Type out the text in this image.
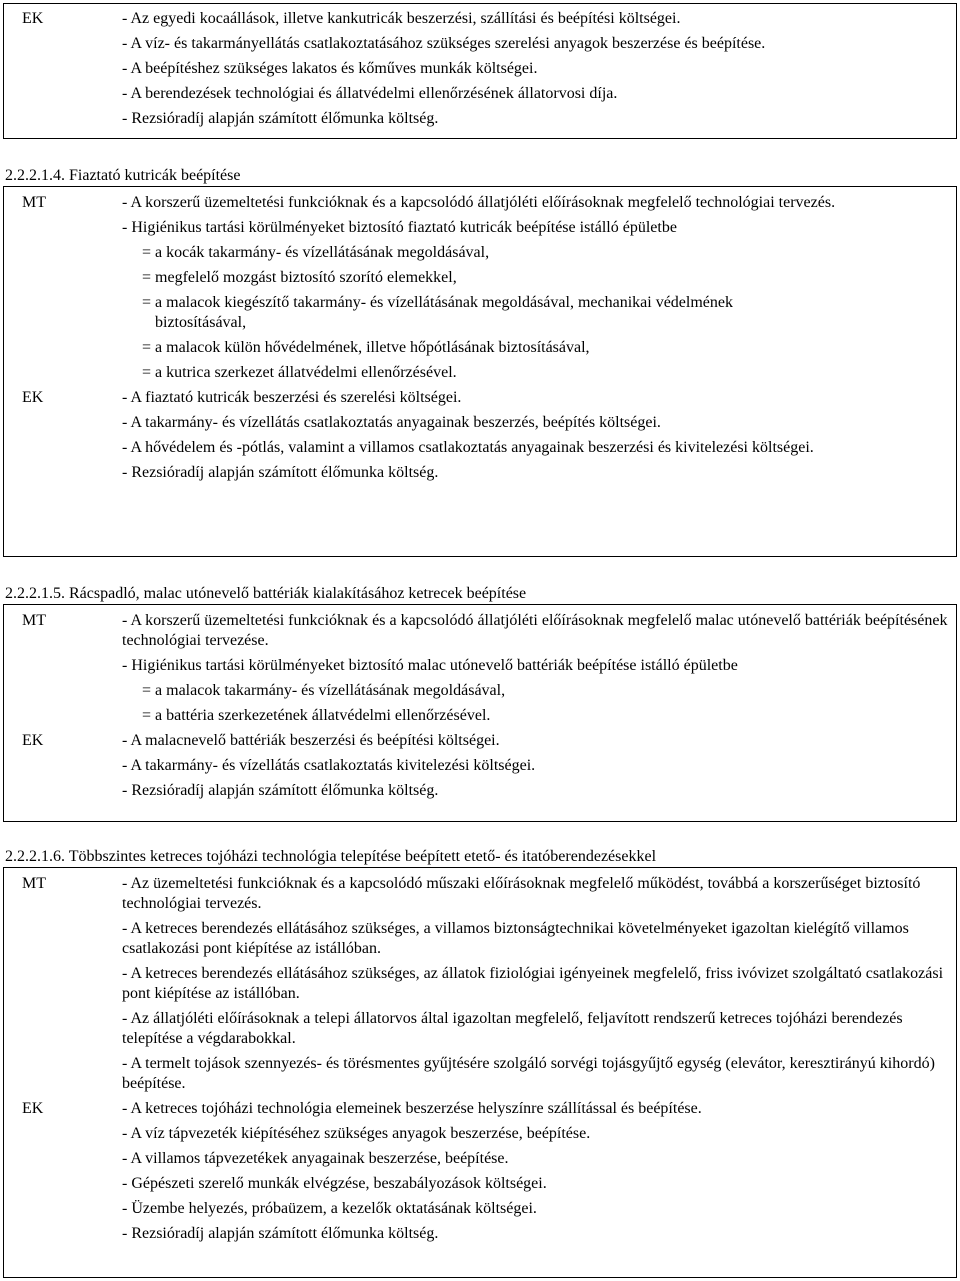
EK	- Az egyedi kocaállások, illetve kankutricák beszerzési, szállítási és beépítési költségei.
- A víz- és takarmányellátás csatlakoztatásához szükséges szerelési anyagok beszerzése és beépítése.
- A beépítéshez szükséges lakatos és kőműves munkák költségei.
- A berendezések technológiai és állatvédelmi ellenőrzésének állatorvosi díja.
- Rezsióradíj alapján számított élőmunka költség.
2.2.2.1.4. Fiaztató kutricák beépítése
MT	- A korszerű üzemeltetési funkcióknak és a kapcsolódó állatjóléti előírásoknak megfelelő technológiai tervezés.
- Higiénikus tartási körülményeket biztosító fiaztató kutricák beépítése istálló épületbe
= a kocák takarmány- és vízellátásának megoldásával,
= megfelelő mozgást biztosító szorító elemekkel,
= a malacok kiegészítő takarmány- és vízellátásának megoldásával, mechanikai védelmének
biztosításával,
= a malacok külön hővédelmének, illetve hőpótlásának biztosításával,
= a kutrica szerkezet állatvédelmi ellenőrzésével.
EK	- A fiaztató kutricák beszerzési és szerelési költségei.
- A takarmány- és vízellátás csatlakoztatás anyagainak beszerzés, beépítés költségei.
- A hővédelem és -pótlás, valamint a villamos csatlakoztatás anyagainak beszerzési és kivitelezési költségei.
- Rezsióradíj alapján számított élőmunka költség.
2.2.2.1.5. Rácspadló, malac utónevelő battériák kialakításához ketrecek beépítése
MT	- A korszerű üzemeltetési funkcióknak és a kapcsolódó állatjóléti előírásoknak megfelelő malac utónevelő battériák beépítésének technológiai tervezése.
- Higiénikus tartási körülményeket biztosító malac utónevelő battériák beépítése istálló épületbe
= a malacok takarmány- és vízellátásának megoldásával,
= a battéria szerkezetének állatvédelmi ellenőrzésével.
EK	- A malacnevelő battériák beszerzési és beépítési költségei.
- A takarmány- és vízellátás csatlakoztatás kivitelezési költségei.
- Rezsióradíj alapján számított élőmunka költség.
2.2.2.1.6. Többszintes ketreces tojóházi technológia telepítése beépített etető- és itatóberendezésekkel
MT	- Az üzemeltetési funkcióknak és a kapcsolódó műszaki előírásoknak megfelelő működést, továbbá a korszerűséget biztosító technológiai tervezés.
- A ketreces berendezés ellátásához szükséges, a villamos biztonságtechnikai követelményeket igazoltan kielégítő villamos csatlakozási pont kiépítése az istállóban.
- A ketreces berendezés ellátásához szükséges, az állatok fiziológiai igényeinek megfelelő, friss ivóvizet szolgáltató csatlakozási pont kiépítése az istállóban.
- Az állatjóléti előírásoknak a telepi állatorvos által igazoltan megfelelő, feljavított rendszerű ketreces tojóházi berendezés telepítése a végdarabokkal.
- A termelt tojások szennyezés- és törésmentes gyűjtésére szolgáló sorvégi tojásgyűjtő egység (elevátor, keresztirányú kihordó) beépítése.
EK	- A ketreces tojóházi technológia elemeinek beszerzése helyszínre szállítással és beépítése.
- A víz tápvezeték kiépítéséhez szükséges anyagok beszerzése, beépítése.
- A villamos tápvezetékek anyagainak beszerzése, beépítése.
- Gépészeti szerelő munkák elvégzése, beszabályozások költségei.
- Üzembe helyezés, próbaüzem, a kezelők oktatásának költségei.
- Rezsióradíj alapján számított élőmunka költség.
